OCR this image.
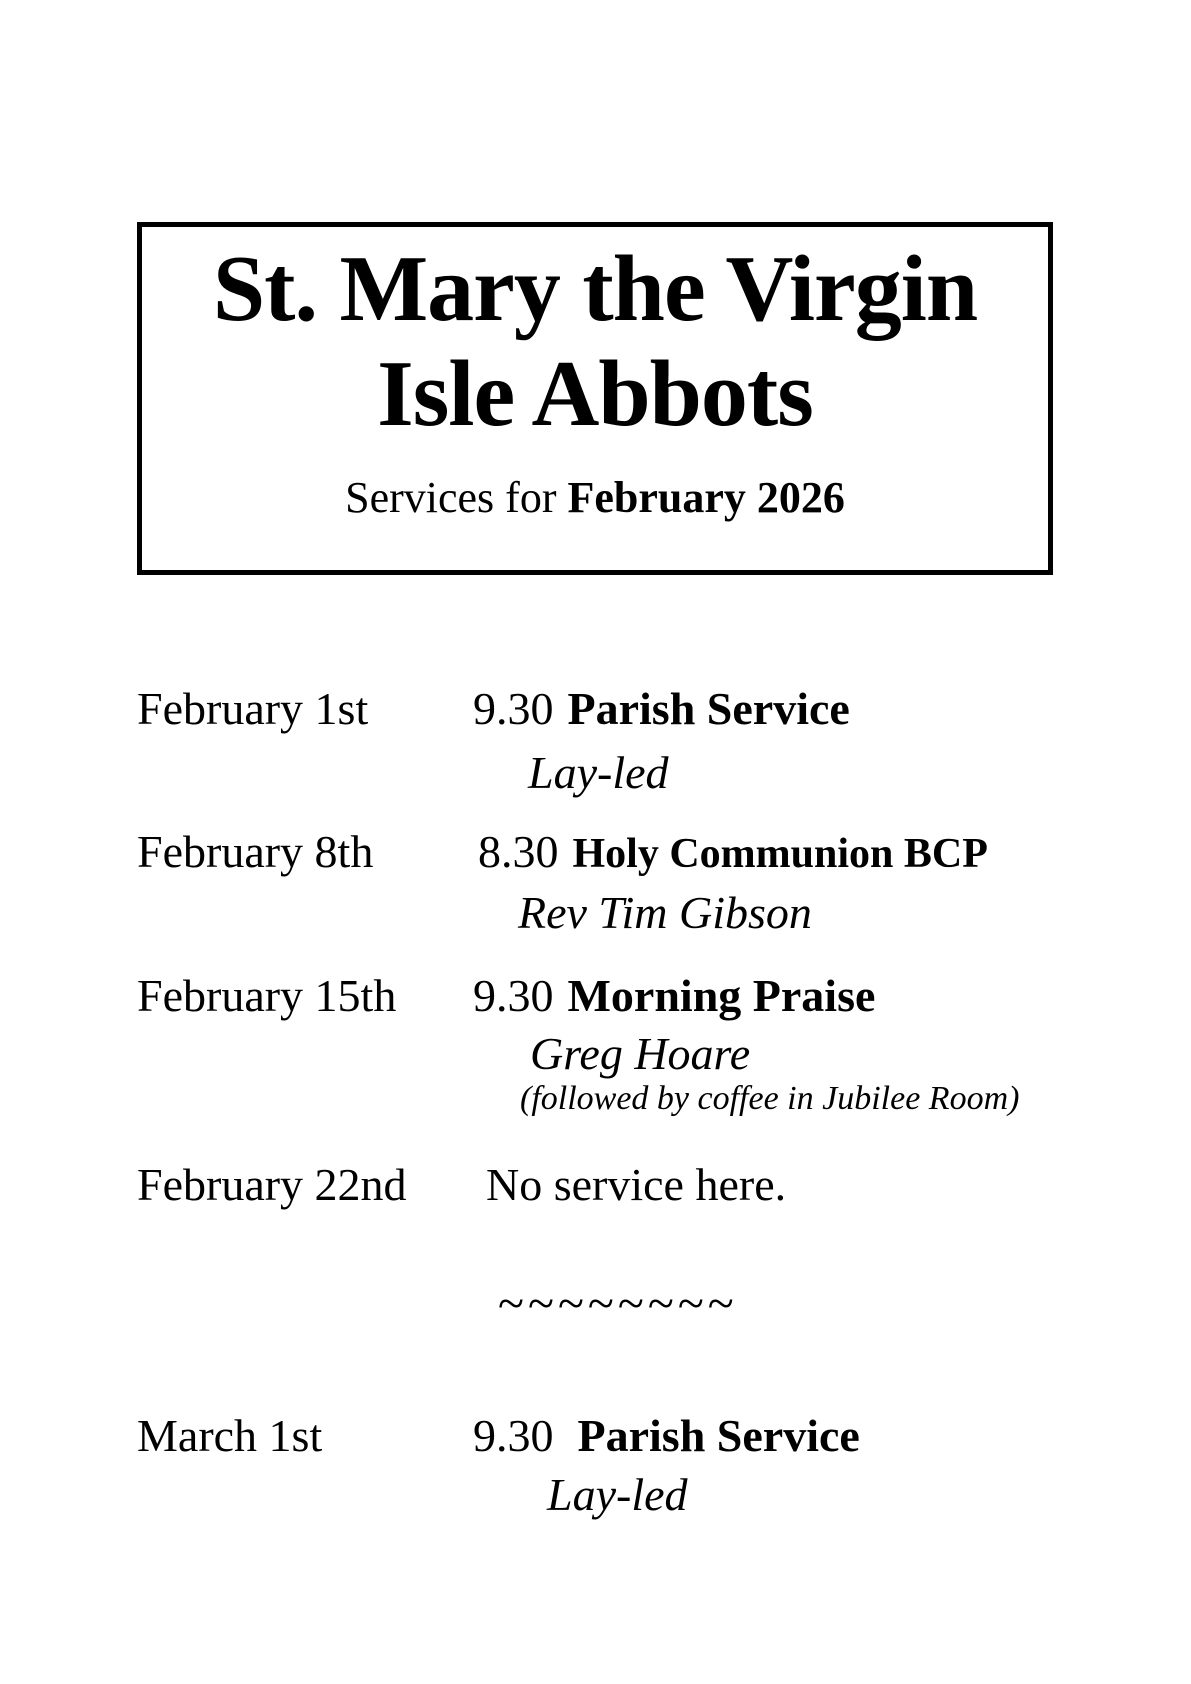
St. Mary the Virgin
Isle Abbots
Services for February 2026
February 1st 9.30 Parish Service
Lay-led
February 8th 8.30 Holy Communion BCP
Rev Tim Gibson
February 15th 9.30 Morning Praise
Greg Hoare
(followed by coffee in Jubilee Room)
February 22nd No service here.
~~~~~~~~
March 1st	9.30 Parish Service
Lay-led
